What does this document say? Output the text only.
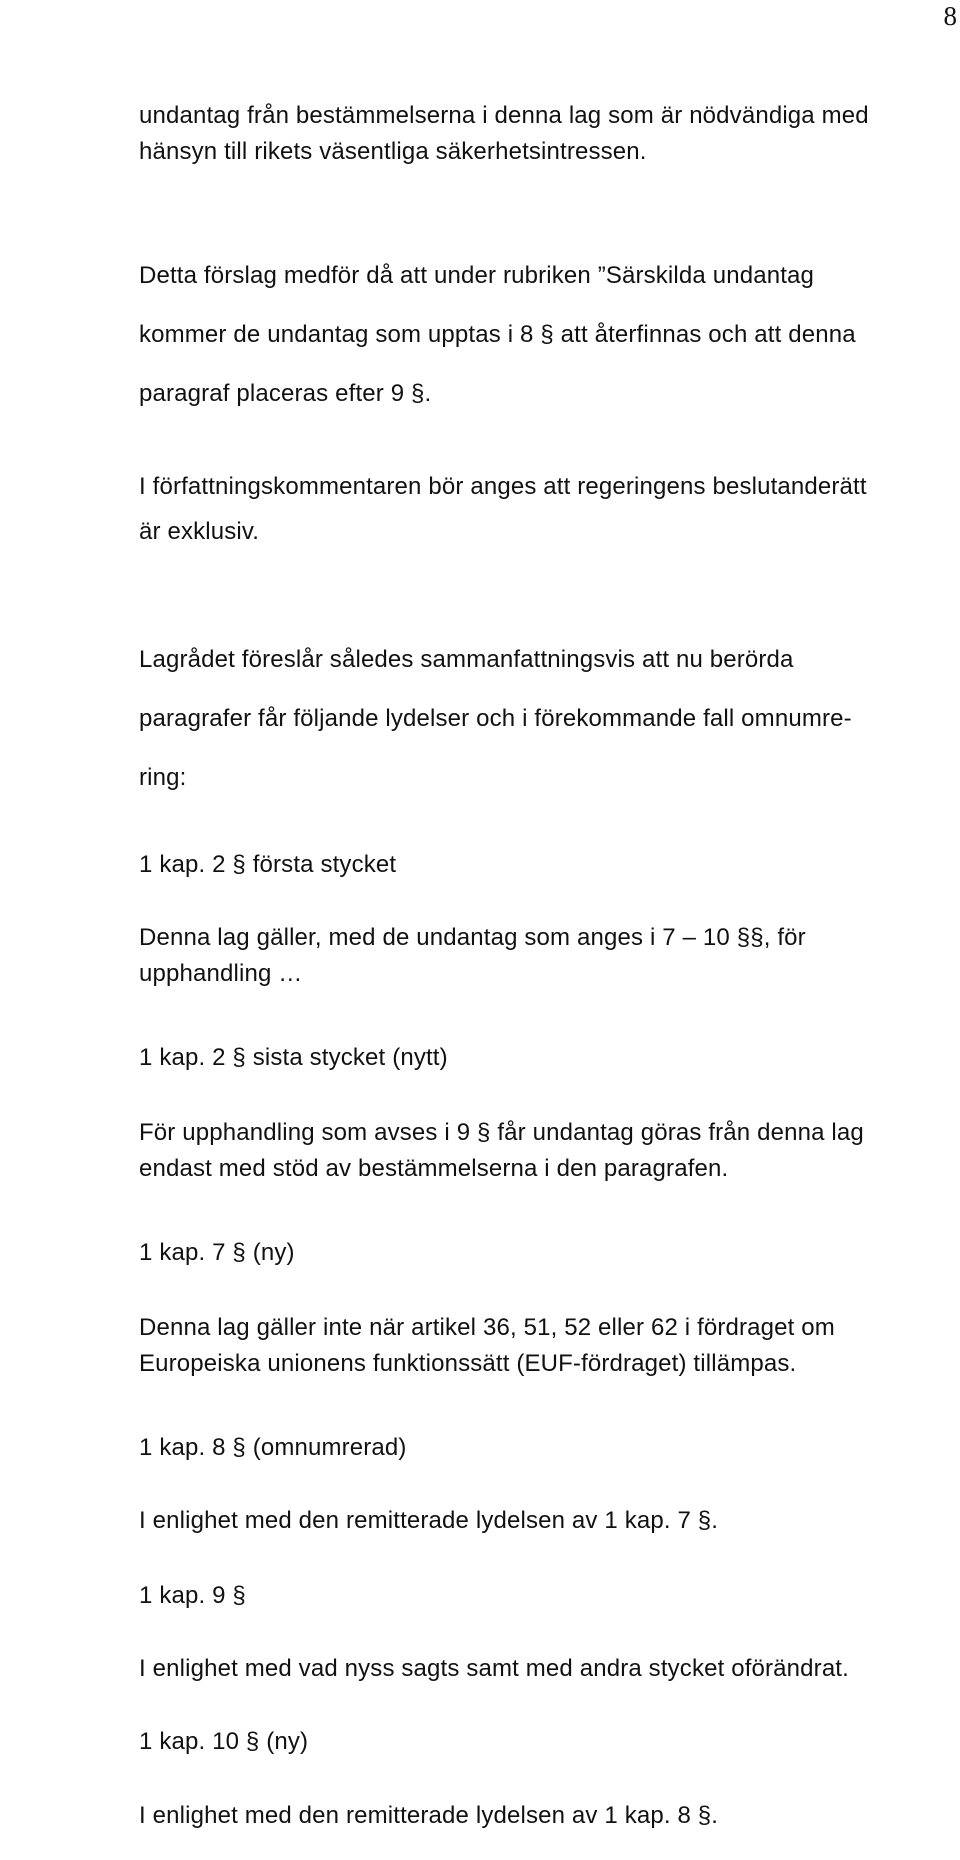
8

undantag från bestämmelserna i denna lag som är nödvändiga med
hänsyn till rikets väsentliga säkerhetsintressen.

Detta förslag medför då att under rubriken ”Särskilda undantag
kommer de undantag som upptas i 8 § att återfinnas och att denna
paragraf placeras efter 9 §.

I författningskommentaren bör anges att regeringens beslutanderätt
är exklusiv.

Lagrådet föreslår således sammanfattningsvis att nu berörda
paragrafer får följande lydelser och i förekommande fall omnumre-
ring:

1 kap. 2 § första stycket

Denna lag gäller, med de undantag som anges i 7 – 10 §§, för
upphandling …

1 kap. 2 § sista stycket (nytt)

För upphandling som avses i 9 § får undantag göras från denna lag
endast med stöd av bestämmelserna i den paragrafen.

1 kap. 7 § (ny)

Denna lag gäller inte när artikel 36, 51, 52 eller 62 i fördraget om
Europeiska unionens funktionssätt (EUF-fördraget) tillämpas.

1 kap. 8 § (omnumrerad)

I enlighet med den remitterade lydelsen av 1 kap. 7 §.

1 kap. 9 §

I enlighet med vad nyss sagts samt med andra stycket oförändrat.

1 kap. 10 § (ny)

I enlighet med den remitterade lydelsen av 1 kap. 8 §.
